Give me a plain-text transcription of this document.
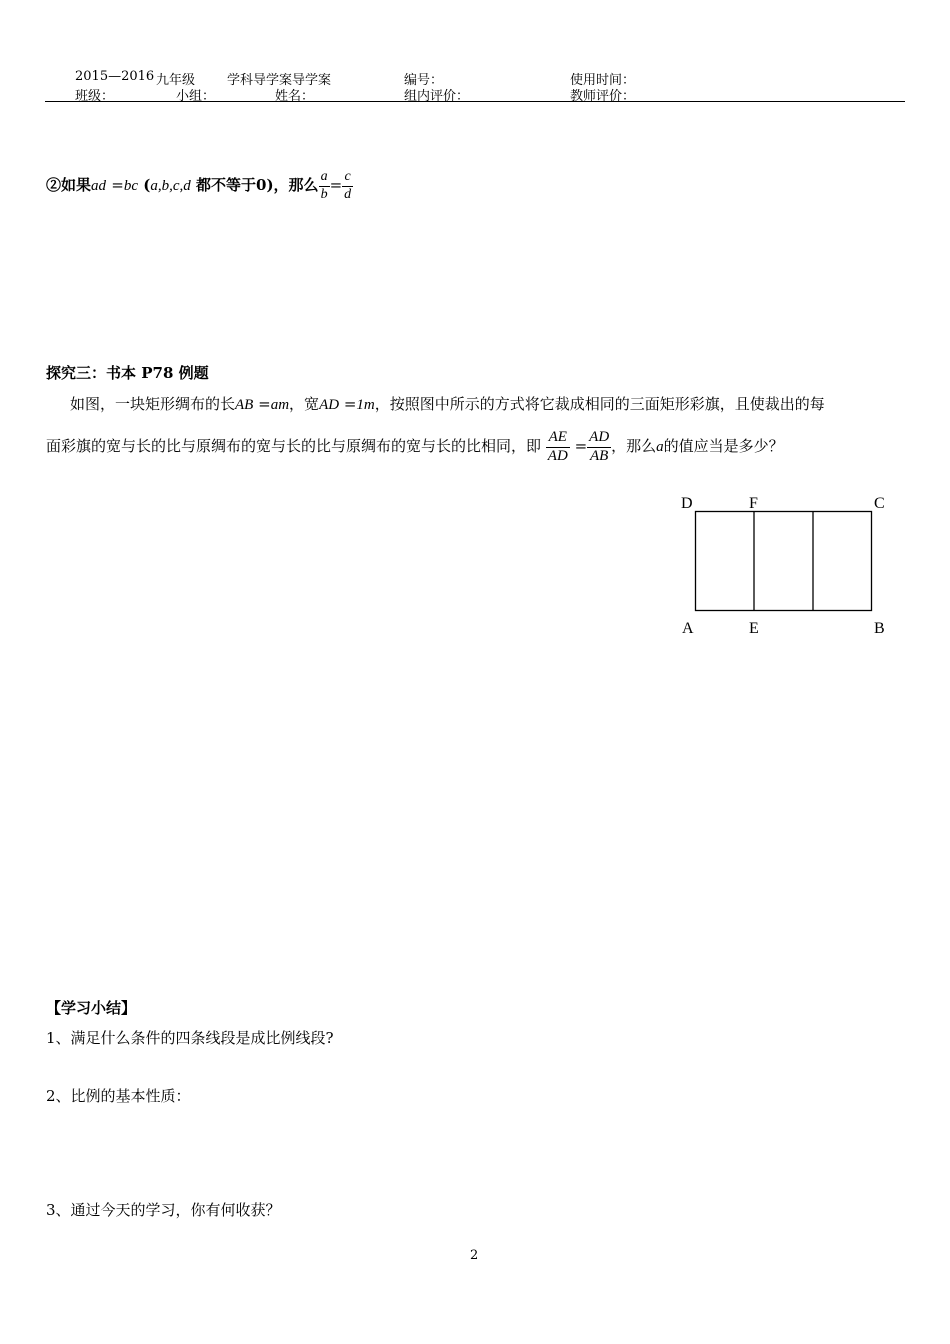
2015—2016 九年级 学科导学案导学案	编号：	使用时间：
班级：	小组：	姓名：	组内评价：	教师评价：
②如果ad =bc (a,b,c,d 都不等于0)，那么 $\frac{a}{b} = \frac{c}{d}$
探究三：书本 P78 例题
如图，一块矩形绸布的长AB =am，宽AD =1m，按照图中所示的方式将它裁成相同的三面矩形彩旗，且使裁出的每
面彩旗的宽与长的比与原绸布的宽与长的比与原绸布的宽与长的比相同，即 $\frac{AE}{AD} = \frac{AD}{AB}$ ，那么a的值应当是多少？
D	F	C
A	E	B
【学习小结】
1、满足什么条件的四条线段是成比例线段?
2、比例的基本性质：
3、通过今天的学习，你有何收获？
2
